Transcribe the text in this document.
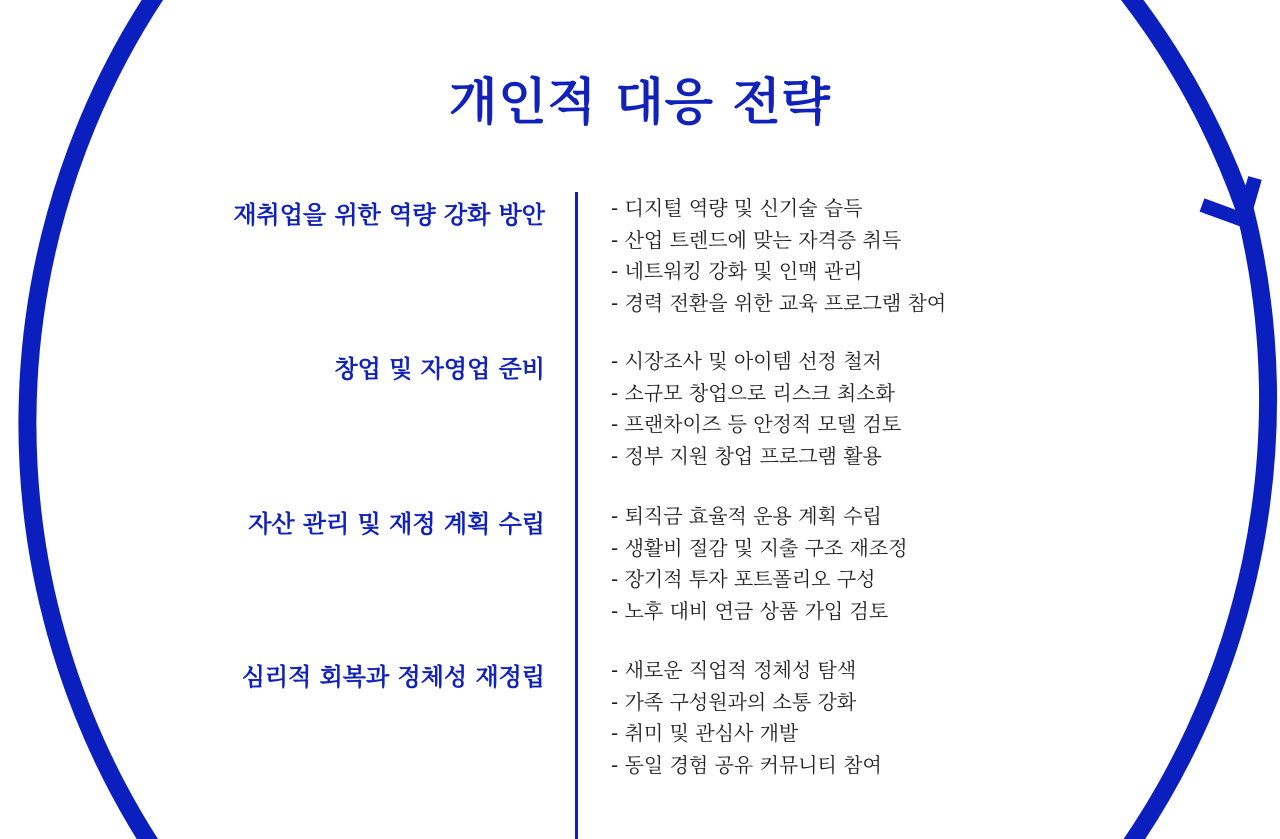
개인적 대응 전략
재취업을 위한 역량 강화 방안	- 디지털 역량 및 신기술 습득
- 산업 트렌드에 맞는 자격증 취득
- 네트워킹 강화 및 인맥 관리
- 경력 전환을 위한 교육 프로그램 참여
창업 및 자영업 준비	- 시장조사 및 아이템 선정 철저
- 소규모 창업으로 리스크 최소화
- 프랜차이즈 등 안정적 모델 검토
- 정부 지원 창업 프로그램 활용
자산 관리 및 재정 계획 수립	- 퇴직금 효율적 운용 계획 수립
- 생활비 절감 및 지출 구조 재조정
- 장기적 투자 포트폴리오 구성
- 노후 대비 연금 상품 가입 검토
심리적 회복과 정체성 재정립	- 새로운 직업적 정체성 탐색
- 가족 구성원과의 소통 강화
- 취미 및 관심사 개발
- 동일 경험 공유 커뮤니티 참여
